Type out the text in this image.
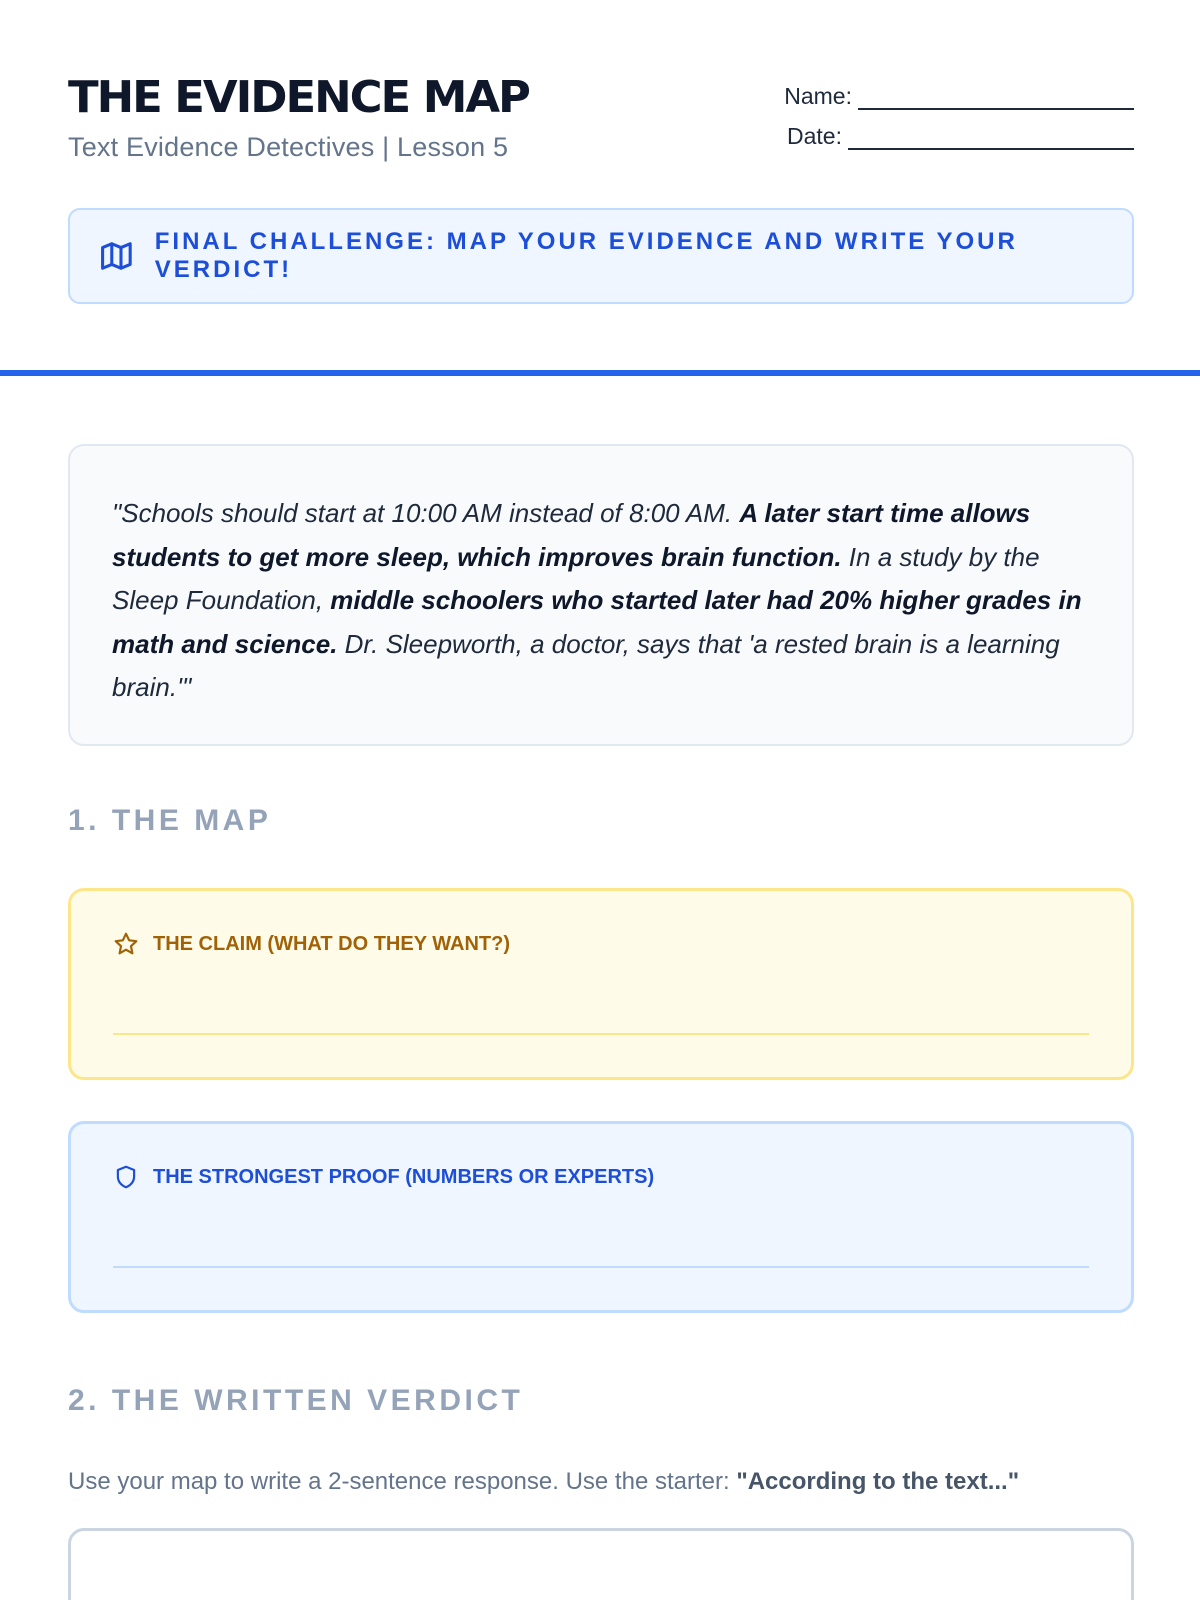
THE EVIDENCE MAP
Text Evidence Detectives | Lesson 5
Name:
Date:
FINAL CHALLENGE: MAP YOUR EVIDENCE AND WRITE YOUR VERDICT!

"Schools should start at 10:00 AM instead of 8:00 AM. A later start time allows students to get more sleep, which improves brain function. In a study by the Sleep Foundation, middle schoolers who started later had 20% higher grades in math and science. Dr. Sleepworth, a doctor, says that 'a rested brain is a learning brain.'"

1. THE MAP
THE CLAIM (WHAT DO THEY WANT?)
THE STRONGEST PROOF (NUMBERS OR EXPERTS)
2. THE WRITTEN VERDICT

Use your map to write a 2-sentence response. Use the starter: "According to the text..."
